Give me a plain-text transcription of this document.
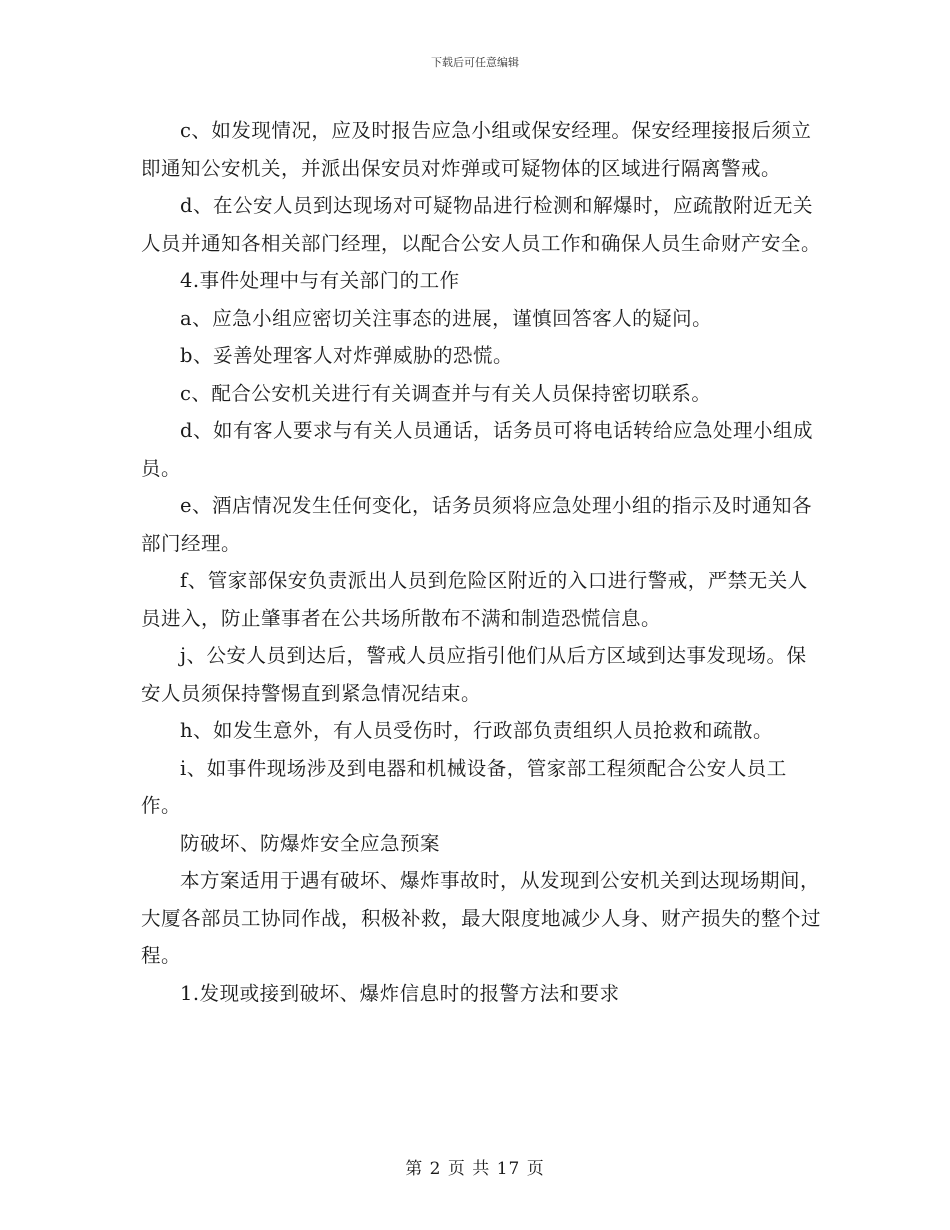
下载后可任意编辑

c、如发现情况，应及时报告应急小组或保安经理。保安经理接报后须立即通知公安机关，并派出保安员对炸弹或可疑物体的区域进行隔离警戒。

d、在公安人员到达现场对可疑物品进行检测和解爆时，应疏散附近无关人员并通知各相关部门经理，以配合公安人员工作和确保人员生命财产安全。

4.事件处理中与有关部门的工作

a、应急小组应密切关注事态的进展，谨慎回答客人的疑问。

b、妥善处理客人对炸弹威胁的恐慌。

c、配合公安机关进行有关调查并与有关人员保持密切联系。

d、如有客人要求与有关人员通话，话务员可将电话转给应急处理小组成员。

e、酒店情况发生任何变化，话务员须将应急处理小组的指示及时通知各部门经理。

f、管家部保安负责派出人员到危险区附近的入口进行警戒，严禁无关人员进入，防止肇事者在公共场所散布不满和制造恐慌信息。

j、公安人员到达后，警戒人员应指引他们从后方区域到达事发现场。保安人员须保持警惕直到紧急情况结束。

h、如发生意外，有人员受伤时，行政部负责组织人员抢救和疏散。

i、如事件现场涉及到电器和机械设备，管家部工程须配合公安人员工作。

防破坏、防爆炸安全应急预案

本方案适用于遇有破坏、爆炸事故时，从发现到公安机关到达现场期间，大厦各部员工协同作战，积极补救，最大限度地减少人身、财产损失的整个过程。

1.发现或接到破坏、爆炸信息时的报警方法和要求

第 2 页 共 17 页
